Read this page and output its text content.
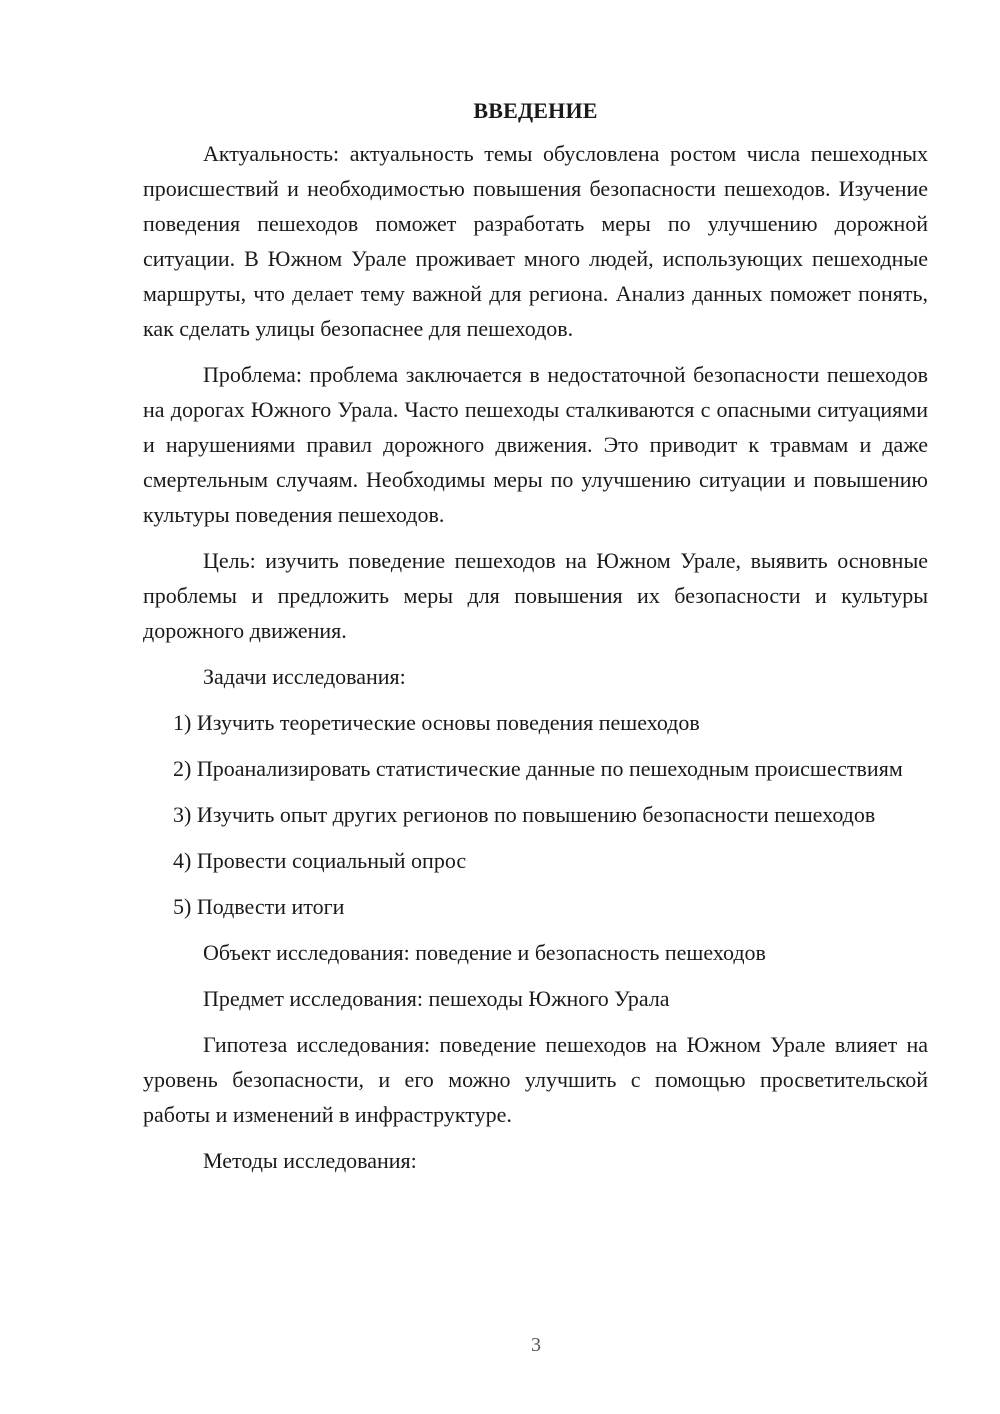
ВВЕДЕНИЕ

Актуальность: актуальность темы обусловлена ростом числа пешеходных происшествий и необходимостью повышения безопасности пешеходов. Изучение поведения пешеходов поможет разработать меры по улучшению дорожной ситуации. В Южном Урале проживает много людей, использующих пешеходные маршруты, что делает тему важной для региона. Анализ данных поможет понять, как сделать улицы безопаснее для пешеходов.

Проблема: проблема заключается в недостаточной безопасности пешеходов на дорогах Южного Урала. Часто пешеходы сталкиваются с опасными ситуациями и нарушениями правил дорожного движения. Это приводит к травмам и даже смертельным случаям. Необходимы меры по улучшению ситуации и повышению культуры поведения пешеходов.

Цель: изучить поведение пешеходов на Южном Урале, выявить основные проблемы и предложить меры для повышения их безопасности и культуры дорожного движения.

Задачи исследования:

1) Изучить теоретические основы поведения пешеходов

2) Проанализировать статистические данные по пешеходным происшествиям

3) Изучить опыт других регионов по повышению безопасности пешеходов

4) Провести социальный опрос

5) Подвести итоги

Объект исследования: поведение и безопасность пешеходов

Предмет исследования: пешеходы Южного Урала

Гипотеза исследования: поведение пешеходов на Южном Урале влияет на уровень безопасности, и его можно улучшить с помощью просветительской работы и изменений в инфраструктуре.

Методы исследования:

3
